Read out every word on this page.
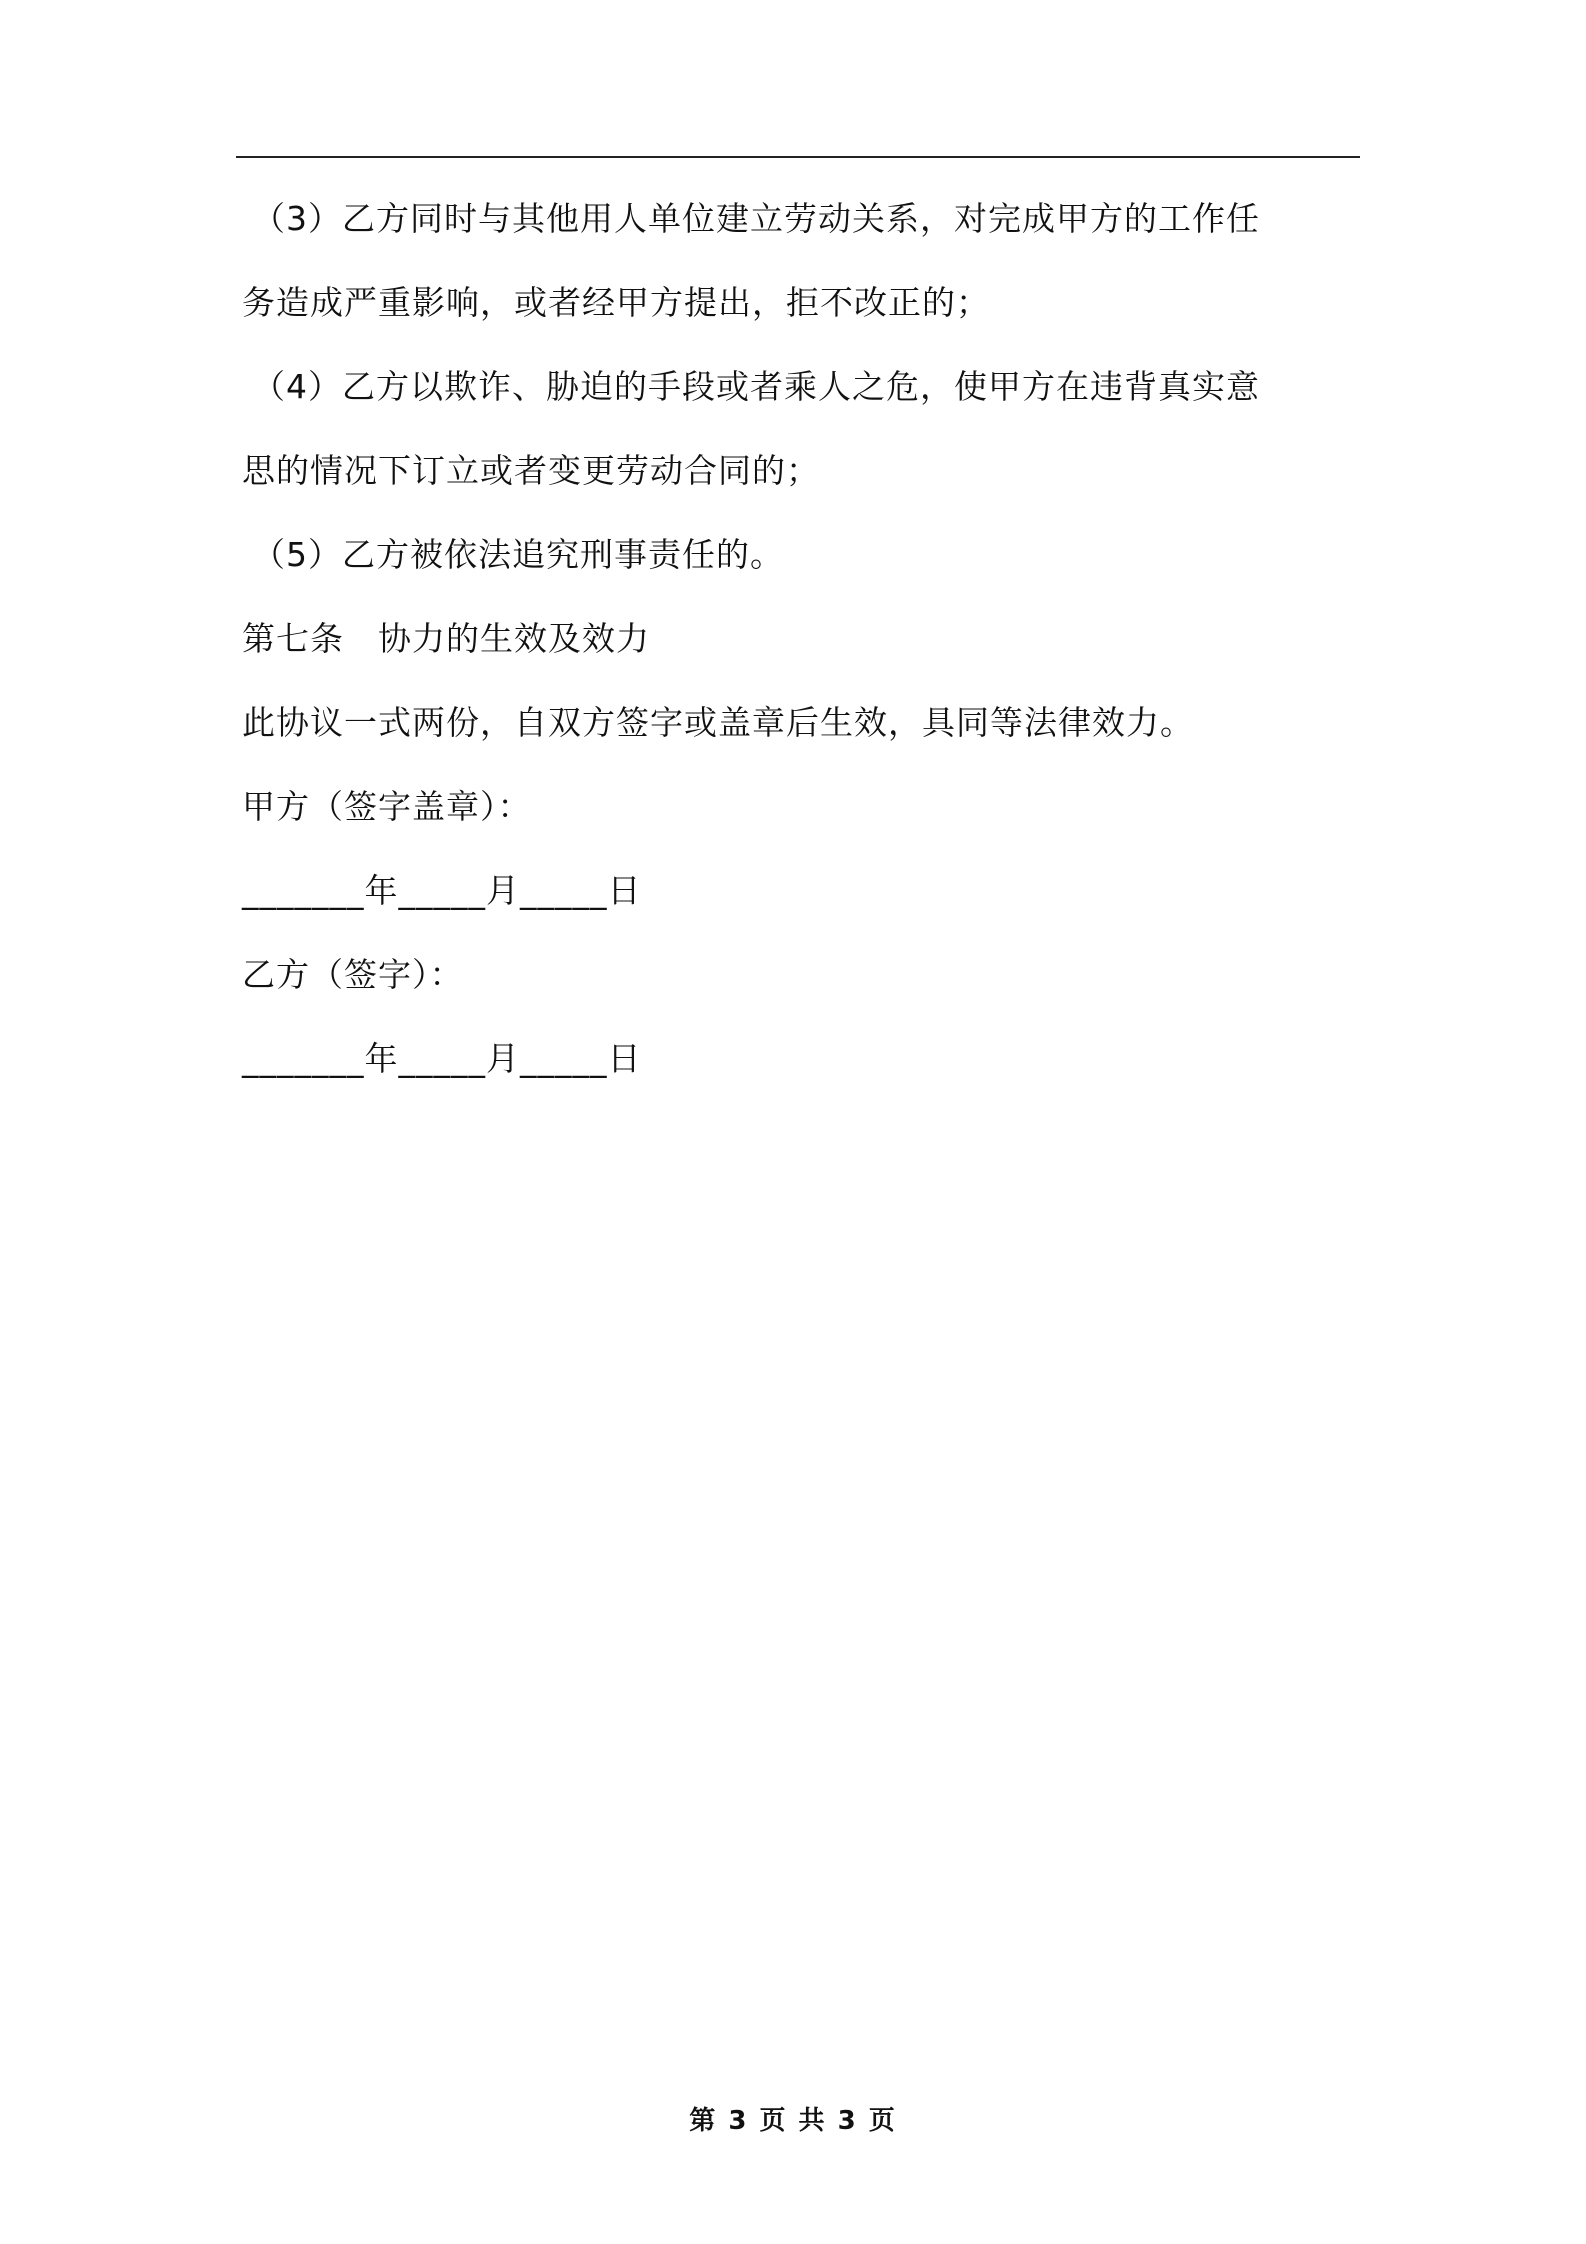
（3）乙方同时与其他用人单位建立劳动关系，对完成甲方的工作任
务造成严重影响，或者经甲方提出，拒不改正的；
（4）乙方以欺诈、胁迫的手段或者乘人之危，使甲方在违背真实意
思的情况下订立或者变更劳动合同的；
（5）乙方被依法追究刑事责任的。
第七条　协力的生效及效力
此协议一式两份，自双方签字或盖章后生效，具同等法律效力。
甲方（签字盖章）：
_______年_____月_____日
乙方（签字）：
_______年_____月_____日
第 3 页 共 3 页
